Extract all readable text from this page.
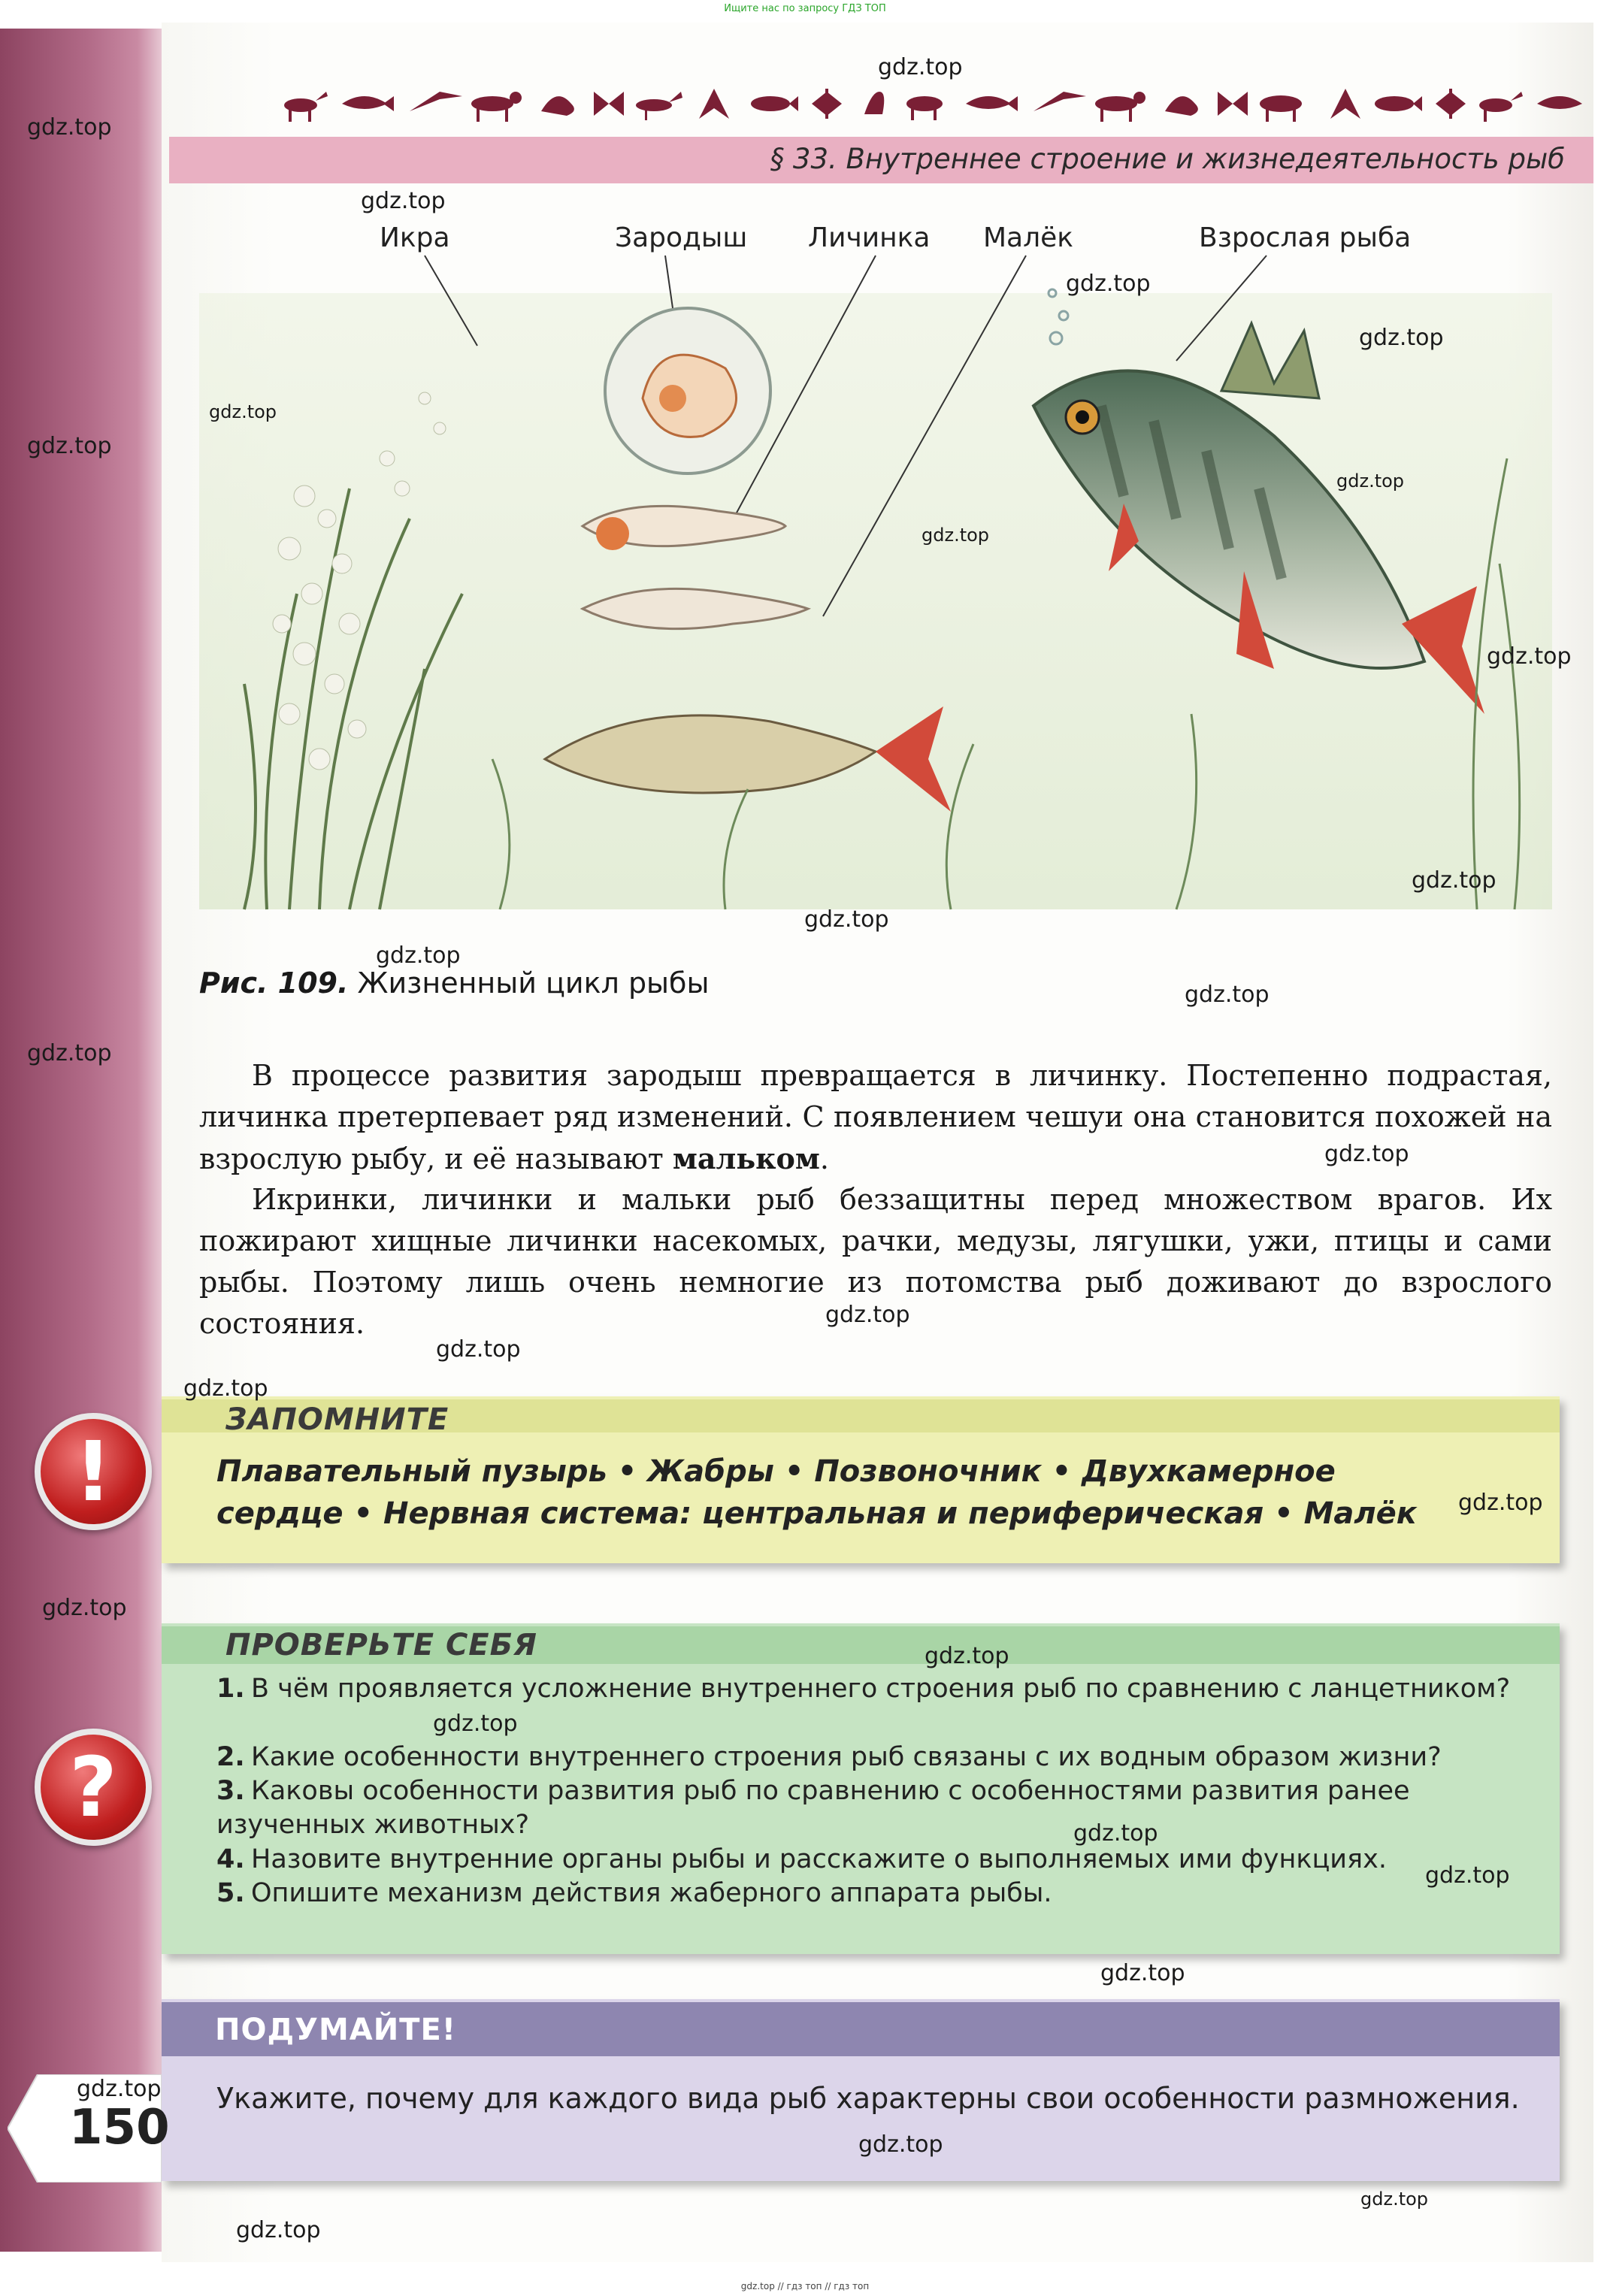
Ищите нас по запросу ГДЗ ТОП
§ 33. Внутреннее строение и жизнедеятельность рыб
Икра	Зародыш Личинка Малёк	Взрослая рыба
Рис. 109. Жизненный цикл рыбы

В процессе развития зародыш превращается в личинку. Постепенно подрастая, личинка претерпевает ряд изменений. С появлением чешуи она становится похожей на взрослую рыбу, и её называют мальком.

Икринки, личинки и мальки рыб беззащитны перед множеством врагов. Их пожирают хищные личинки насекомых, рачки, медузы, лягушки, ужи, птицы и сами рыбы. Поэтому лишь очень немногие из потомства рыб доживают до взрослого состояния.

ЗАПОМНИТЕ
Плавательный пузырь • Жабры • Позвоночник • Двухкамерное
сердце • Нервная система: центральная и периферическая • Малёк
!
ПРОВЕРЬТЕ СЕБЯ
?
1. В чём проявляется усложнение внутреннего строения рыб по сравнению с ланцетником?
2. Какие особенности внутреннего строения рыб связаны с их водным образом жизни?
3. Каковы особенности развития рыб по сравнению с особенностями развития ранее изученных животных?
4. Назовите внутренние органы рыбы и расскажите о выполняемых ими функциях.
5. Опишите механизм действия жаберного аппарата рыбы.
ПОДУМАЙТЕ!
Укажите, почему для каждого вида рыб характерны свои особенности размножения.
150
gdz.top
gdz.top
gdz.top
gdz.top
gdz.top
gdz.top
gdz.top
gdz.top
gdz.top
gdz.top
gdz.top
gdz.top
gdz.top
gdz.top
gdz.top
gdz.top
gdz.top
gdz.top
gdz.top
gdz.top
gdz.top
gdz.top
gdz.top
gdz.top
gdz.top
gdz.top
gdz.top
gdz.top
gdz.top
gdz.top
gdz.top // гдз топ // гдз топ
